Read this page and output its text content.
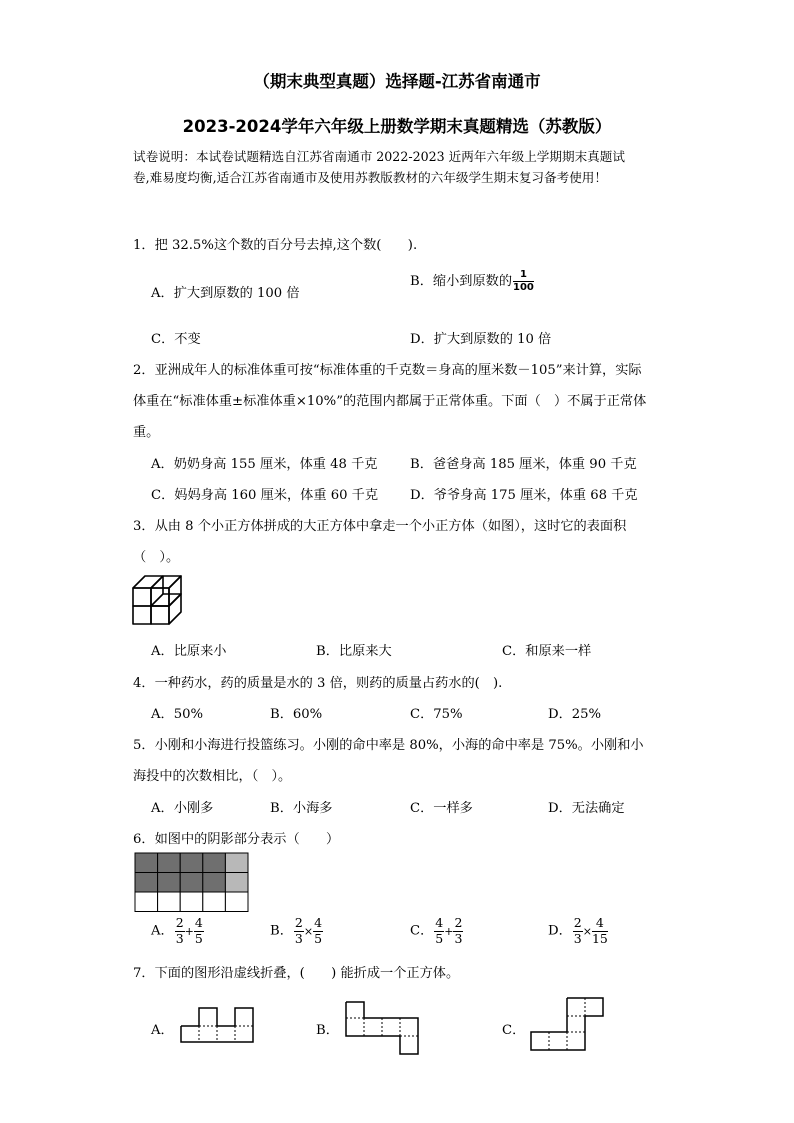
（期末典型真题）选择题-江苏省南通市
2023-2024学年六年级上册数学期末真题精选（苏教版）
试卷说明：本试卷试题精选自江苏省南通市 2022-2023 近两年六年级上学期期末真题试
卷,难易度均衡,适合江苏省南通市及使用苏教版教材的六年级学生期末复习备考使用！
1．把 32.5%这个数的百分号去掉,这个数(　　).
A．扩大到原数的 100 倍
B．缩小到原数的 $\frac{1}{100}$
C．不变	D．扩大到原数的 10 倍
2．亚洲成年人的标准体重可按“标准体重的千克数＝身高的厘米数－105”来计算，实际
体重在“标准体重±标准体重×10%”的范围内都属于正常体重。下面（　）不属于正常体
重。
A．奶奶身高 155 厘米，体重 48 千克 B．爸爸身高 185 厘米，体重 90 千克
C．妈妈身高 160 厘米，体重 60 千克 D．爷爷身高 175 厘米，体重 68 千克
3．从由 8 个小正方体拼成的大正方体中拿走一个小正方体（如图），这时它的表面积
（　）。
A．比原来小	B．比原来大	C．和原来一样
4．一种药水，药的质量是水的 3 倍，则药的质量占药水的(　).
A．50%	B．60%	C．75%	D．25%
5．小刚和小海进行投篮练习。小刚的命中率是 80%，小海的命中率是 75%。小刚和小
海投中的次数相比，（　）。
A．小刚多	B．小海多	C．一样多	D．无法确定
6．如图中的阴影部分表示（　　）
A． $\frac{2}{3} + \frac{4}{5}$	B． $\frac{2}{3} \times \frac{4}{5}$	C． $\frac{4}{5} + \frac{2}{3}$	D． $\frac{2}{3} \times \frac{4}{15}$
7．下面的图形沿虚线折叠，(　　) 能折成一个正方体。
A．	B．	C．
